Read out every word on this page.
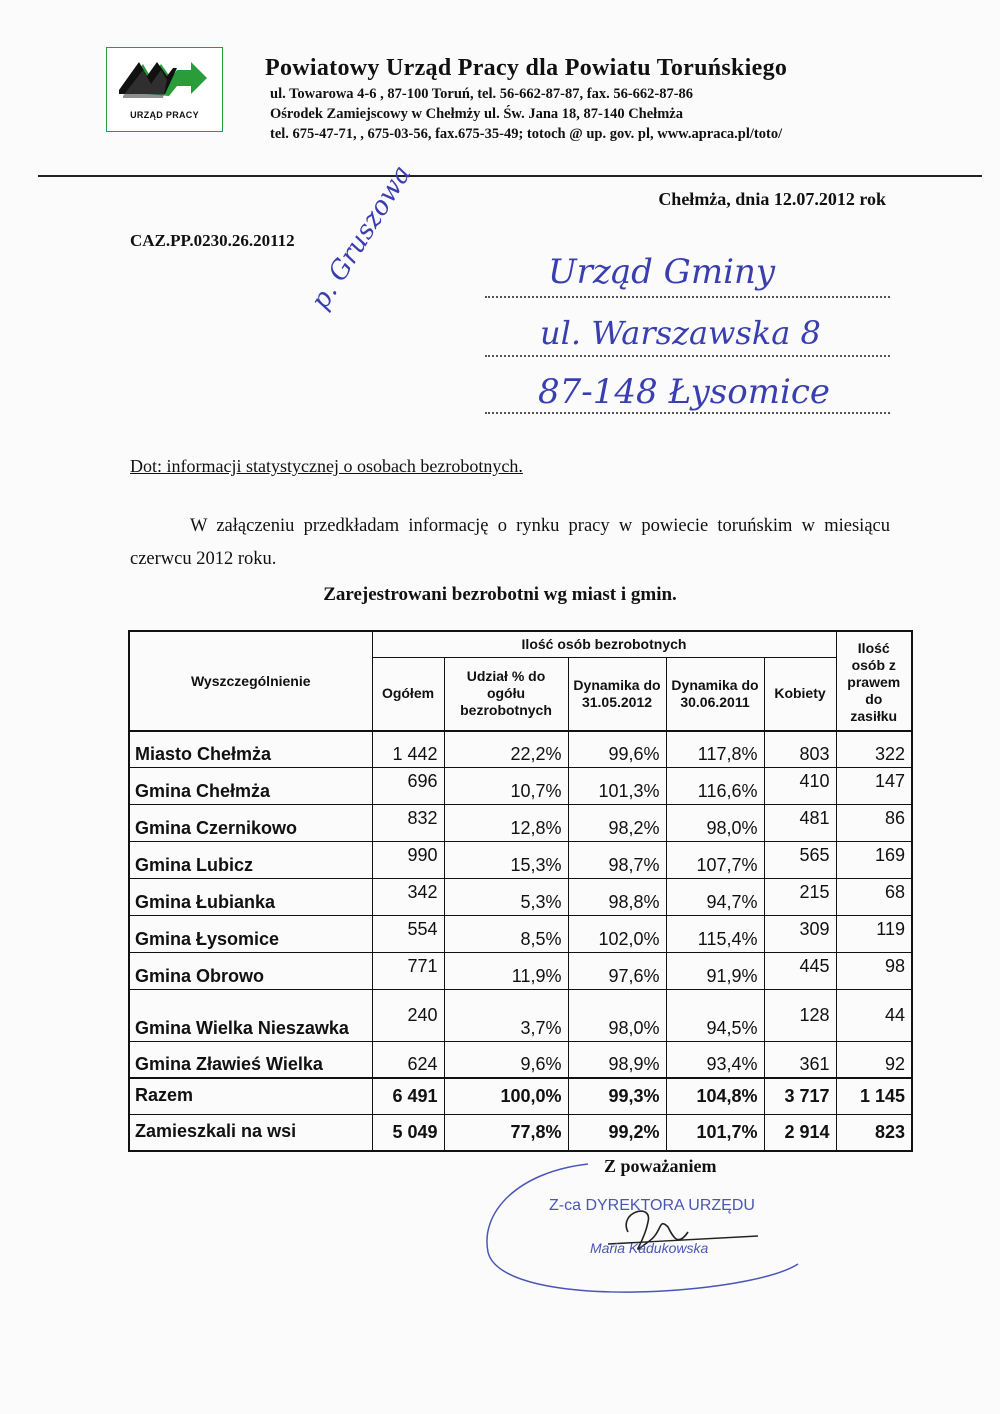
URZĄD PRACY
Powiatowy Urząd Pracy dla Powiatu Toruńskiego
ul. Towarowa 4-6 , 87-100 Toruń, tel. 56-662-87-87, fax. 56-662-87-86
Ośrodek Zamiejscowy w Chełmży ul. Św. Jana 18, 87-140 Chełmża
tel. 675-47-71, , 675-03-56, fax.675-35-49; totoch @ up. gov. pl, www.apraca.pl/toto/
Chełmża, dnia 12.07.2012 rok
CAZ.PP.0230.26.20112 p. Gruszowa	Urząd Gminy
ul. Warszawska 8
87-148 Łysomice
Dot: informacji statystycznej o osobach bezrobotnych.
W załączeniu przedkładam informację o rynku pracy w powiecie toruńskim w miesiącu czerwcu 2012 roku.
Zarejestrowani bezrobotni wg miast i gmin.
Wyszczególnienie	Ilość osób bezrobotnych					Ilość osób z prawem do zasiłku
	Ogółem	Udział % do ogółu bezrobotnych	Dynamika do 31.05.2012	Dynamika do 30.06.2011	Kobiety	
Miasto Chełmża	1 442	22,2%	99,6%	117,8%	803	322
Gmina Chełmża	696	10,7%	101,3%	116,6%	410	147
Gmina Czernikowo	832	12,8%	98,2%	98,0%	481	86
Gmina Lubicz	990	15,3%	98,7%	107,7%	565	169
Gmina Łubianka	342	5,3%	98,8%	94,7%	215	68
Gmina Łysomice	554	8,5%	102,0%	115,4%	309	119
Gmina Obrowo	771	11,9%	97,6%	91,9%	445	98
Gmina Wielka Nieszawka	240	3,7%	98,0%	94,5%	128	44
Gmina Zławieś Wielka	624	9,6%	98,9%	93,4%	361	92
Razem	6 491	100,0%	99,3%	104,8%	3 717	1 145
Zamieszkali na wsi	5 049	77,8%	99,2%	101,7%	2 914	823
Z poważaniem
Z-ca DYREKTORA URZĘDU
Maria Kadukowska
